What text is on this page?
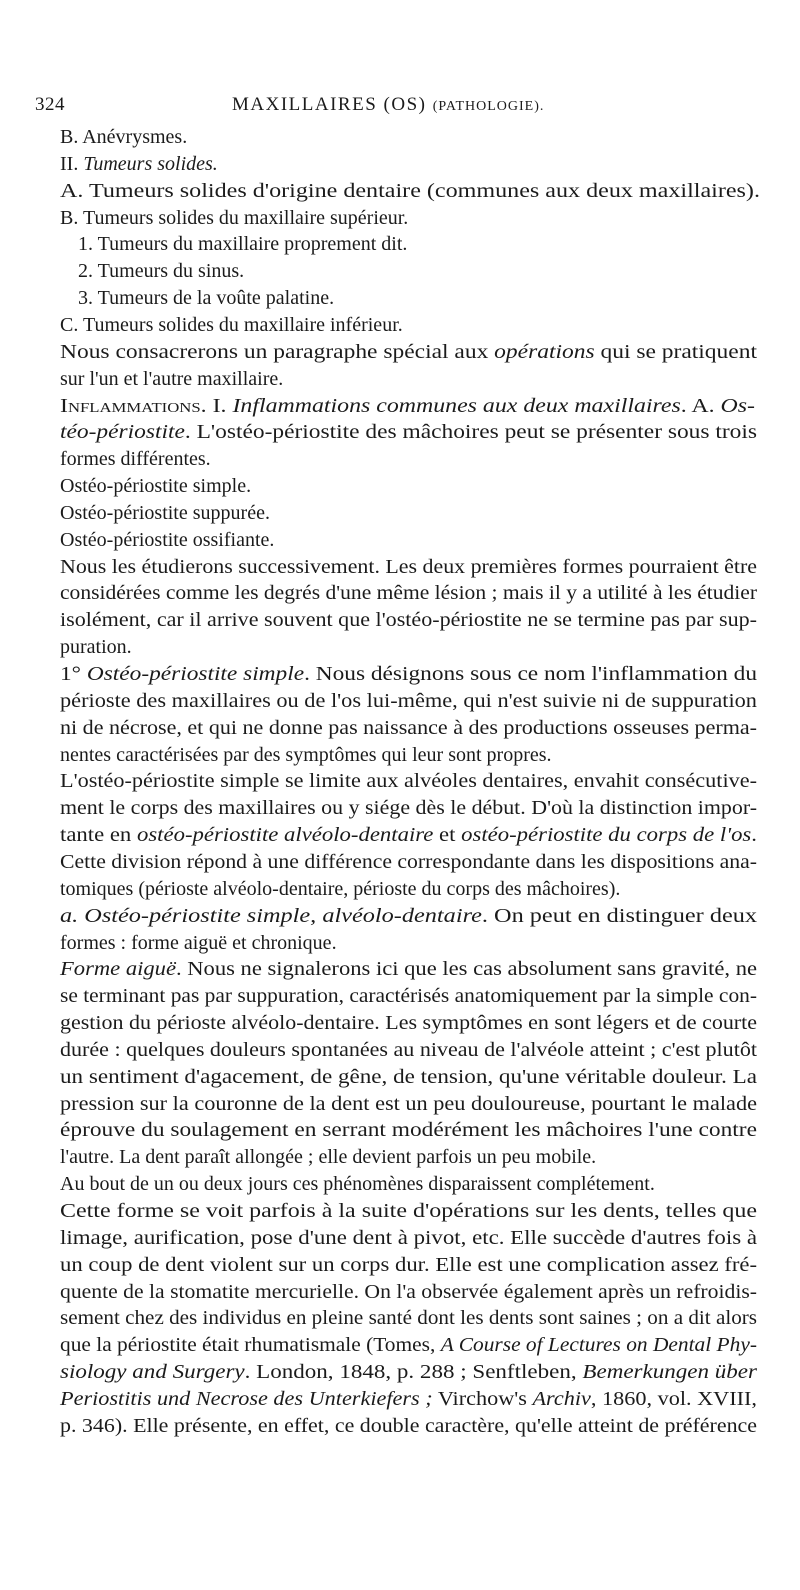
324	MAXILLAIRES (OS) (PATHOLOGIE).
B. Anévrysmes.
II. Tumeurs solides.
A. Tumeurs solides d'origine dentaire (communes aux deux maxillaires).
B. Tumeurs solides du maxillaire supérieur.
1. Tumeurs du maxillaire proprement dit.
2. Tumeurs du sinus.
3. Tumeurs de la voûte palatine.
C. Tumeurs solides du maxillaire inférieur.
Nous consacrerons un paragraphe spécial aux opérations qui se pratiquent
sur l'un et l'autre maxillaire.
Inflammations. I. Inflammations communes aux deux maxillaires. A. Os-
téo-périostite. L'ostéo-périostite des mâchoires peut se présenter sous trois
formes différentes.
Ostéo-périostite simple.
Ostéo-périostite suppurée.
Ostéo-périostite ossifiante.
Nous les étudierons successivement. Les deux premières formes pourraient être
considérées comme les degrés d'une même lésion ; mais il y a utilité à les étudier
isolément, car il arrive souvent que l'ostéo-périostite ne se termine pas par sup-
puration.
1° Ostéo-périostite simple. Nous désignons sous ce nom l'inflammation du
périoste des maxillaires ou de l'os lui-même, qui n'est suivie ni de suppuration
ni de nécrose, et qui ne donne pas naissance à des productions osseuses perma-
nentes caractérisées par des symptômes qui leur sont propres.
L'ostéo-périostite simple se limite aux alvéoles dentaires, envahit consécutive-
ment le corps des maxillaires ou y siége dès le début. D'où la distinction impor-
tante en ostéo-périostite alvéolo-dentaire et ostéo-périostite du corps de l'os.
Cette division répond à une différence correspondante dans les dispositions ana-
tomiques (périoste alvéolo-dentaire, périoste du corps des mâchoires).
a. Ostéo-périostite simple, alvéolo-dentaire. On peut en distinguer deux
formes : forme aiguë et chronique.
Forme aiguë. Nous ne signalerons ici que les cas absolument sans gravité, ne
se terminant pas par suppuration, caractérisés anatomiquement par la simple con-
gestion du périoste alvéolo-dentaire. Les symptômes en sont légers et de courte
durée : quelques douleurs spontanées au niveau de l'alvéole atteint ; c'est plutôt
un sentiment d'agacement, de gêne, de tension, qu'une véritable douleur. La
pression sur la couronne de la dent est un peu douloureuse, pourtant le malade
éprouve du soulagement en serrant modérément les mâchoires l'une contre
l'autre. La dent paraît allongée ; elle devient parfois un peu mobile.
Au bout de un ou deux jours ces phénomènes disparaissent complétement.
Cette forme se voit parfois à la suite d'opérations sur les dents, telles que
limage, aurification, pose d'une dent à pivot, etc. Elle succède d'autres fois à
un coup de dent violent sur un corps dur. Elle est une complication assez fré-
quente de la stomatite mercurielle. On l'a observée également après un refroidis-
sement chez des individus en pleine santé dont les dents sont saines ; on a dit alors
que la périostite était rhumatismale (Tomes, A Course of Lectures on Dental Phy-
siology and Surgery. London, 1848, p. 288 ; Senftleben, Bemerkungen über
Periostitis und Necrose des Unterkiefers ; Virchow's Archiv, 1860, vol. XVIII,
p. 346). Elle présente, en effet, ce double caractère, qu'elle atteint de préférence
